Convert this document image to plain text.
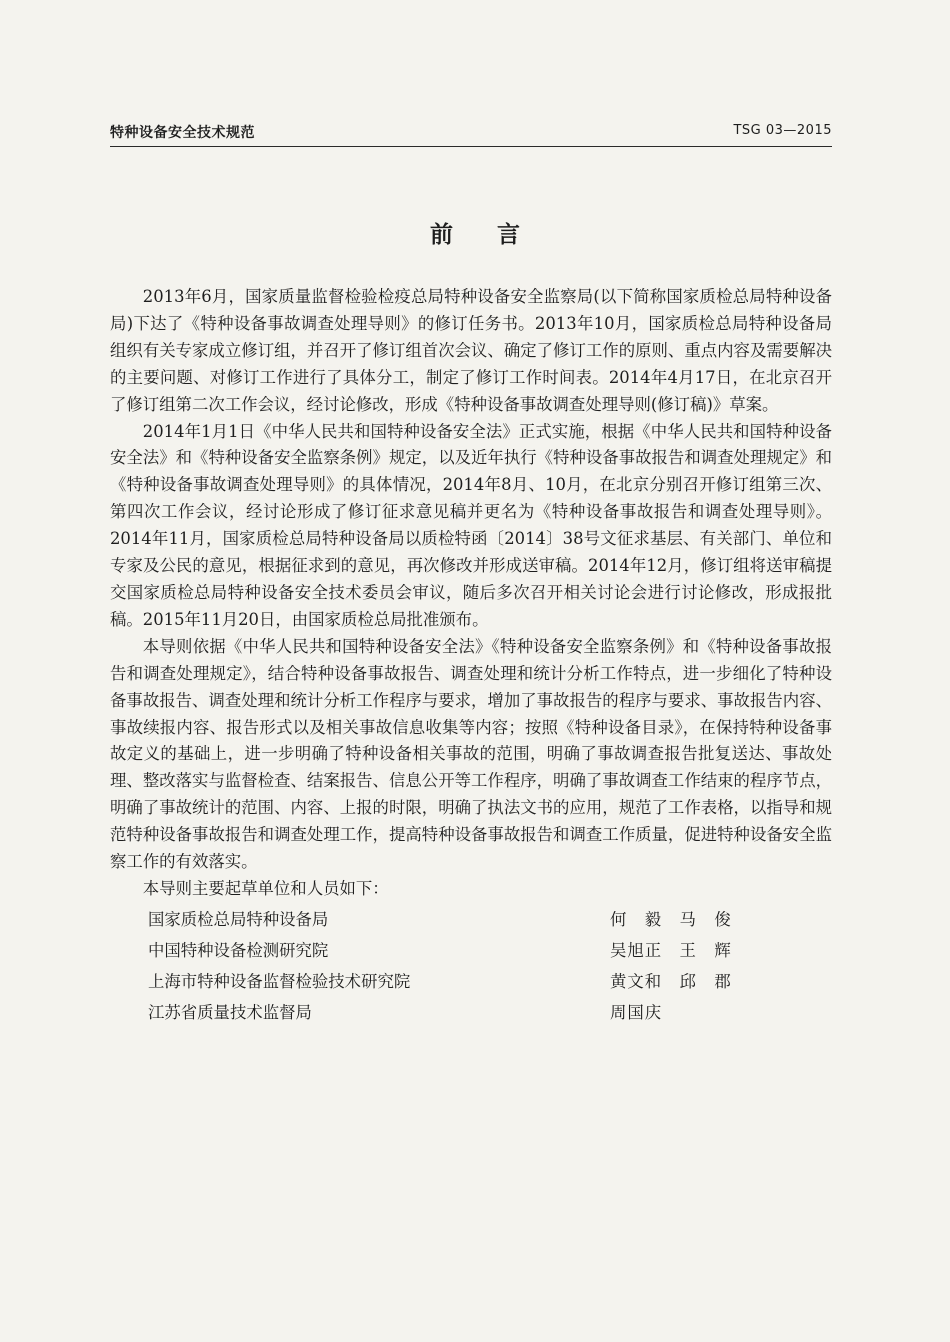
特种设备安全技术规范	TSG 03—2015
前言

2013年6月，国家质量监督检验检疫总局特种设备安全监察局(以下简称国家质检总局特种设备局)下达了《特种设备事故调查处理导则》的修订任务书。2013年10月，国家质检总局特种设备局组织有关专家成立修订组，并召开了修订组首次会议、确定了修订工作的原则、重点内容及需要解决的主要问题、对修订工作进行了具体分工，制定了修订工作时间表。2014年4月17日，在北京召开了修订组第二次工作会议，经讨论修改，形成《特种设备事故调查处理导则(修订稿)》草案。

2014年1月1日《中华人民共和国特种设备安全法》正式实施，根据《中华人民共和国特种设备安全法》和《特种设备安全监察条例》规定，以及近年执行《特种设备事故报告和调查处理规定》和《特种设备事故调查处理导则》的具体情况，2014年8月、10月，在北京分别召开修订组第三次、第四次工作会议，经讨论形成了修订征求意见稿并更名为《特种设备事故报告和调查处理导则》。2014年11月，国家质检总局特种设备局以质检特函〔2014〕38号文征求基层、有关部门、单位和专家及公民的意见，根据征求到的意见，再次修改并形成送审稿。2014年12月，修订组将送审稿提交国家质检总局特种设备安全技术委员会审议，随后多次召开相关讨论会进行讨论修改，形成报批稿。2015年11月20日，由国家质检总局批准颁布。

本导则依据《中华人民共和国特种设备安全法》《特种设备安全监察条例》和《特种设备事故报告和调查处理规定》，结合特种设备事故报告、调查处理和统计分析工作特点，进一步细化了特种设备事故报告、调查处理和统计分析工作程序与要求，增加了事故报告的程序与要求、事故报告内容、事故续报内容、报告形式以及相关事故信息收集等内容；按照《特种设备目录》，在保持特种设备事故定义的基础上，进一步明确了特种设备相关事故的范围，明确了事故调查报告批复送达、事故处理、整改落实与监督检查、结案报告、信息公开等工作程序，明确了事故调查工作结束的程序节点，明确了事故统计的范围、内容、上报的时限，明确了执法文书的应用，规范了工作表格，以指导和规范特种设备事故报告和调查处理工作，提高特种设备事故报告和调查工作质量，促进特种设备安全监察工作的有效落实。

本导则主要起草单位和人员如下：

国家质检总局特种设备局	何　毅　马　俊
中国特种设备检测研究院	吴旭正　王　辉
上海市特种设备监督检验技术研究院	黄文和　邱　郡
江苏省质量技术监督局	周国庆
